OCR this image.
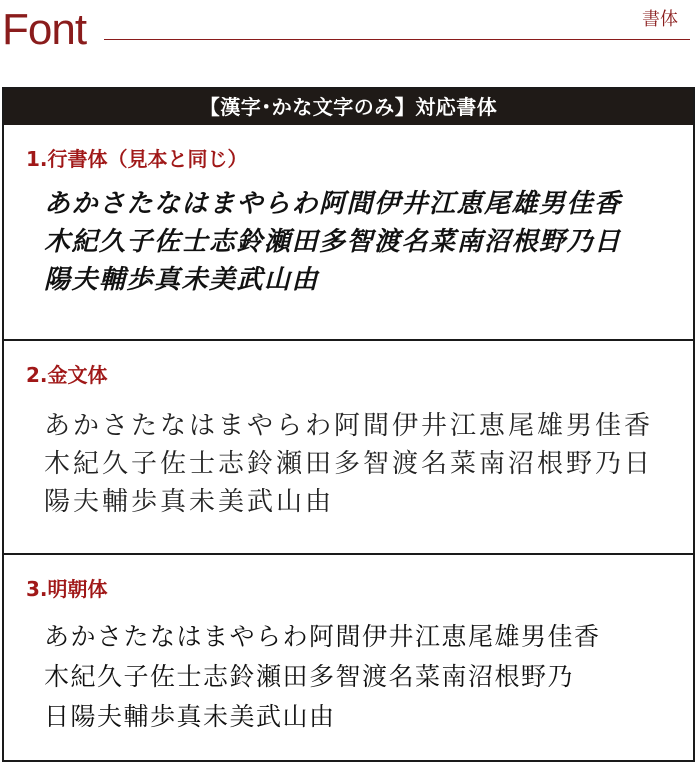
Font	書体
【漢字･かな文字のみ】対応書体
1.行書体（見本と同じ）
あかさたなはまやらわ阿間伊井江恵尾雄男佳香
木紀久子佐士志鈴瀬田多智渡名菜南沼根野乃日
陽夫輔歩真未美武山由
2.金文体
あかさたなはまやらわ阿間伊井江恵尾雄男佳香
木紀久子佐士志鈴瀬田多智渡名菜南沼根野乃日
陽夫輔歩真未美武山由
3.明朝体
あかさたなはまやらわ阿間伊井江恵尾雄男佳香
木紀久子佐士志鈴瀬田多智渡名菜南沼根野乃
日陽夫輔歩真未美武山由
